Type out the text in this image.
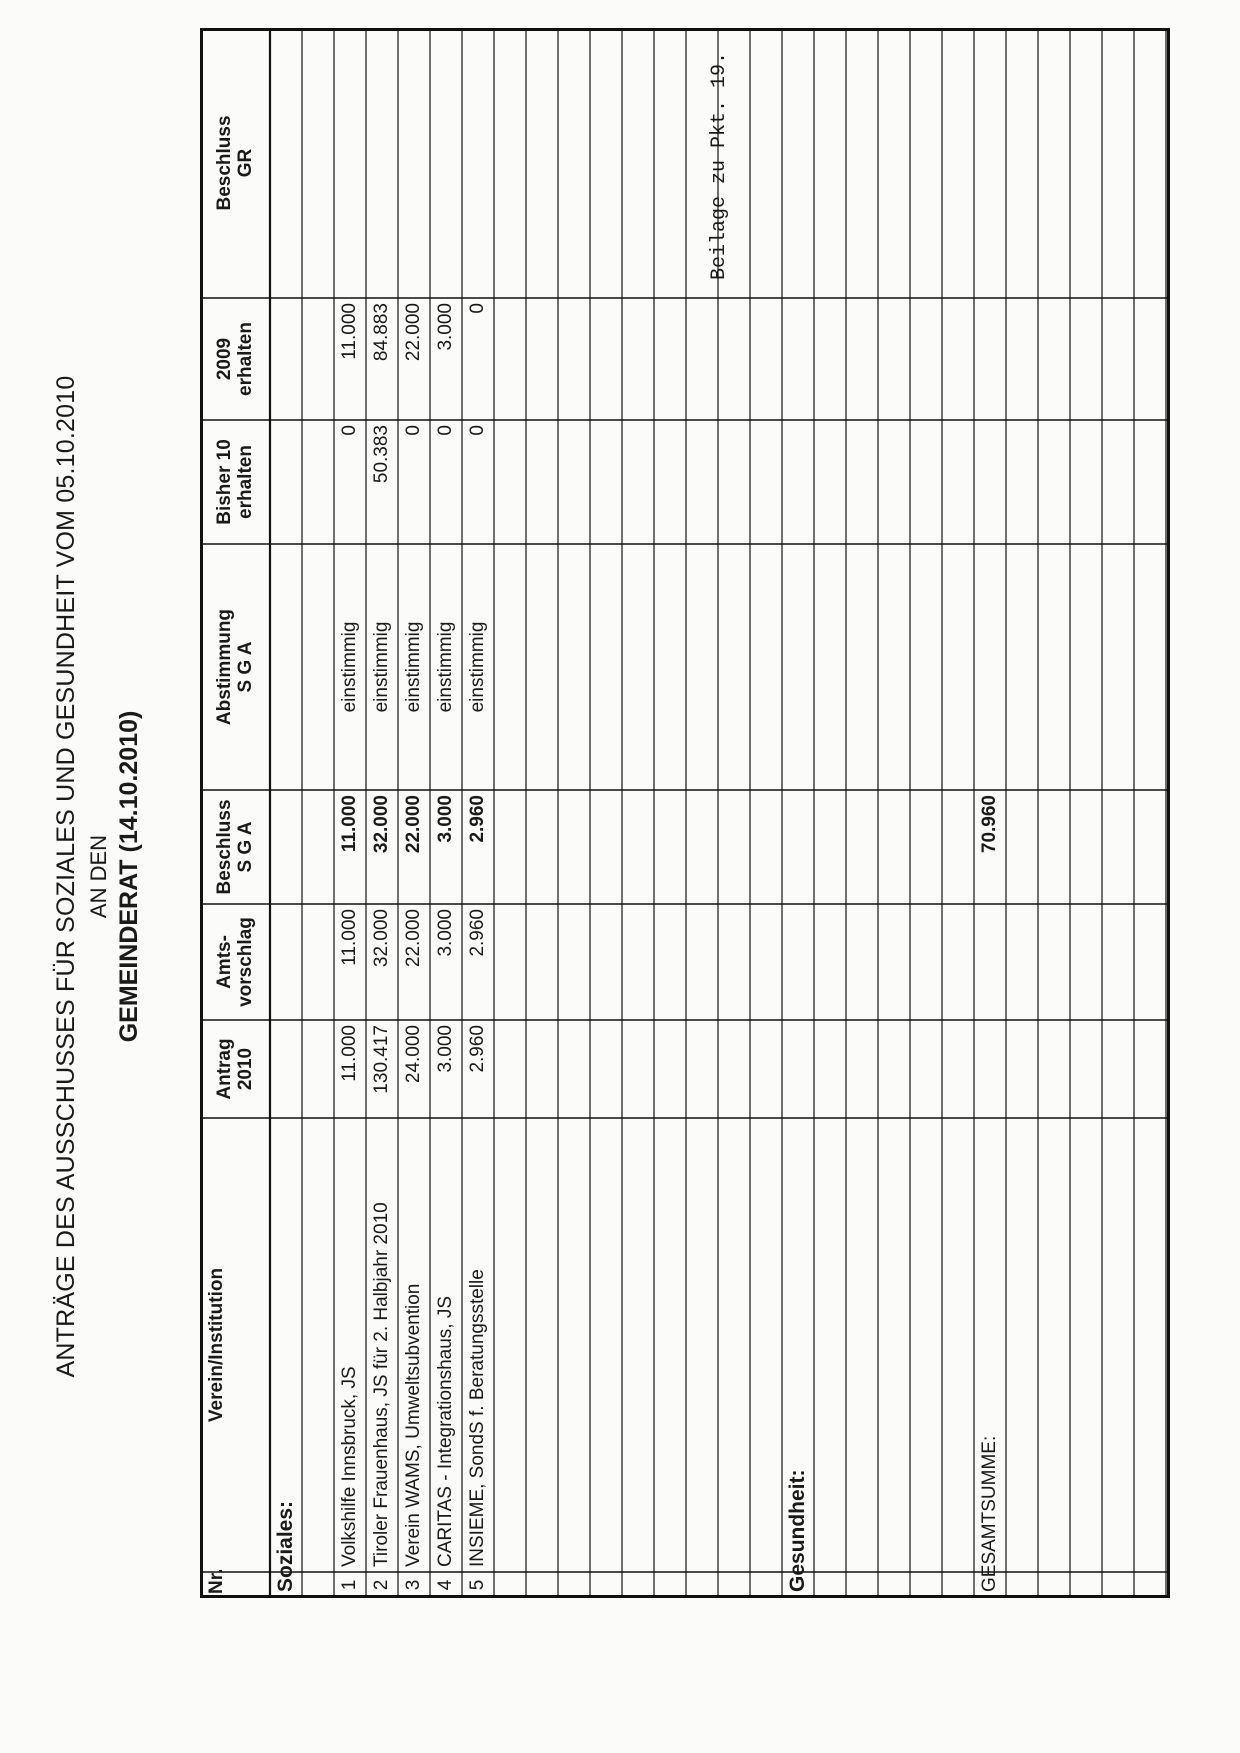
ANTRÄGE DES AUSSCHUSSES FÜR SOZIALES UND GESUNDHEIT VOM 05.10.2010 AN DEN GEMEINDERAT (14.10.2010)
Nr.
Verein/Institution
Antrag 2010
Amts- vorschlag
Beschluss S G A
Abstimmung S G A
Bisher 10 erhalten
2009 erhalten
Beschluss GR
Soziales: 1
Volkshilfe Innsbruck, JS
11.000
11.000
11.000
einstimmig
0
11.000
2
Tiroler Frauenhaus, JS für 2. Halbjahr 2010
130.417
32.000
32.000
einstimmig
50.383
84.883
3
Verein WAMS, Umweltsubvention
24.000
22.000
22.000
einstimmig
0
22.000
4
CARITAS - Integrationshaus, JS
3.000
3.000
3.000
einstimmig
0
3.000
5
INSIEME, SondS f. Beratungsstelle
2.960
2.960
2.960
einstimmig
0
0
Gesundheit:	GESAMTSUMME:
70.960
Beilage zu Pkt. 19.
